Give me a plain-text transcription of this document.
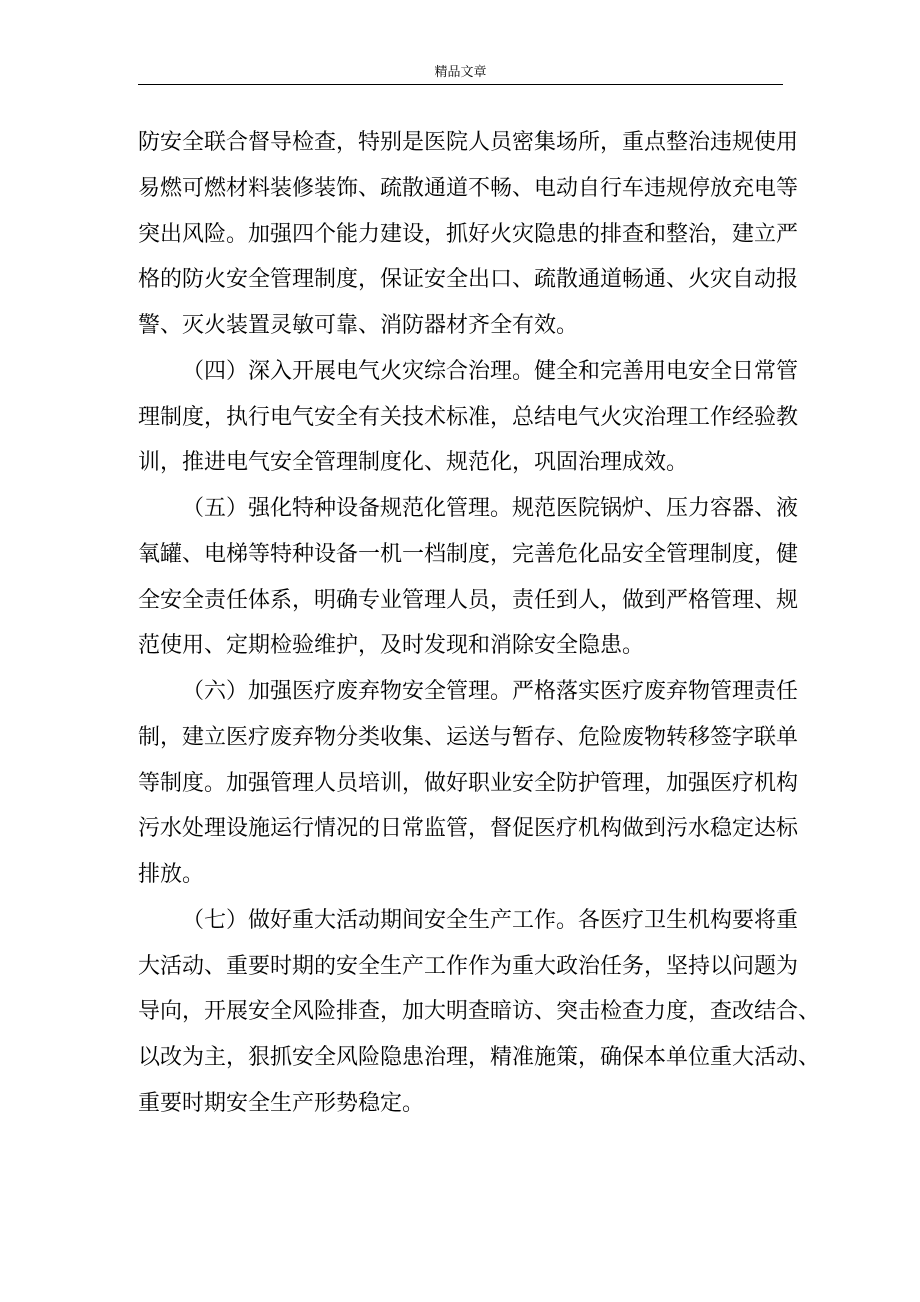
精品文章
防安全联合督导检查，特别是医院人员密集场所，重点整治违规使用
易燃可燃材料装修装饰、疏散通道不畅、电动自行车违规停放充电等
突出风险。加强四个能力建设，抓好火灾隐患的排查和整治，建立严
格的防火安全管理制度，保证安全出口、疏散通道畅通、火灾自动报
警、灭火装置灵敏可靠、消防器材齐全有效。
（四）深入开展电气火灾综合治理。健全和完善用电安全日常管
理制度，执行电气安全有关技术标准，总结电气火灾治理工作经验教
训，推进电气安全管理制度化、规范化，巩固治理成效。
（五）强化特种设备规范化管理。规范医院锅炉、压力容器、液
氧罐、电梯等特种设备一机一档制度，完善危化品安全管理制度，健
全安全责任体系，明确专业管理人员，责任到人，做到严格管理、规
范使用、定期检验维护，及时发现和消除安全隐患。
（六）加强医疗废弃物安全管理。严格落实医疗废弃物管理责任
制，建立医疗废弃物分类收集、运送与暂存、危险废物转移签字联单
等制度。加强管理人员培训，做好职业安全防护管理，加强医疗机构
污水处理设施运行情况的日常监管，督促医疗机构做到污水稳定达标
排放。
（七）做好重大活动期间安全生产工作。各医疗卫生机构要将重
大活动、重要时期的安全生产工作作为重大政治任务，坚持以问题为
导向，开展安全风险排查，加大明查暗访、突击检查力度，查改结合、
以改为主，狠抓安全风险隐患治理，精准施策，确保本单位重大活动、
重要时期安全生产形势稳定。
